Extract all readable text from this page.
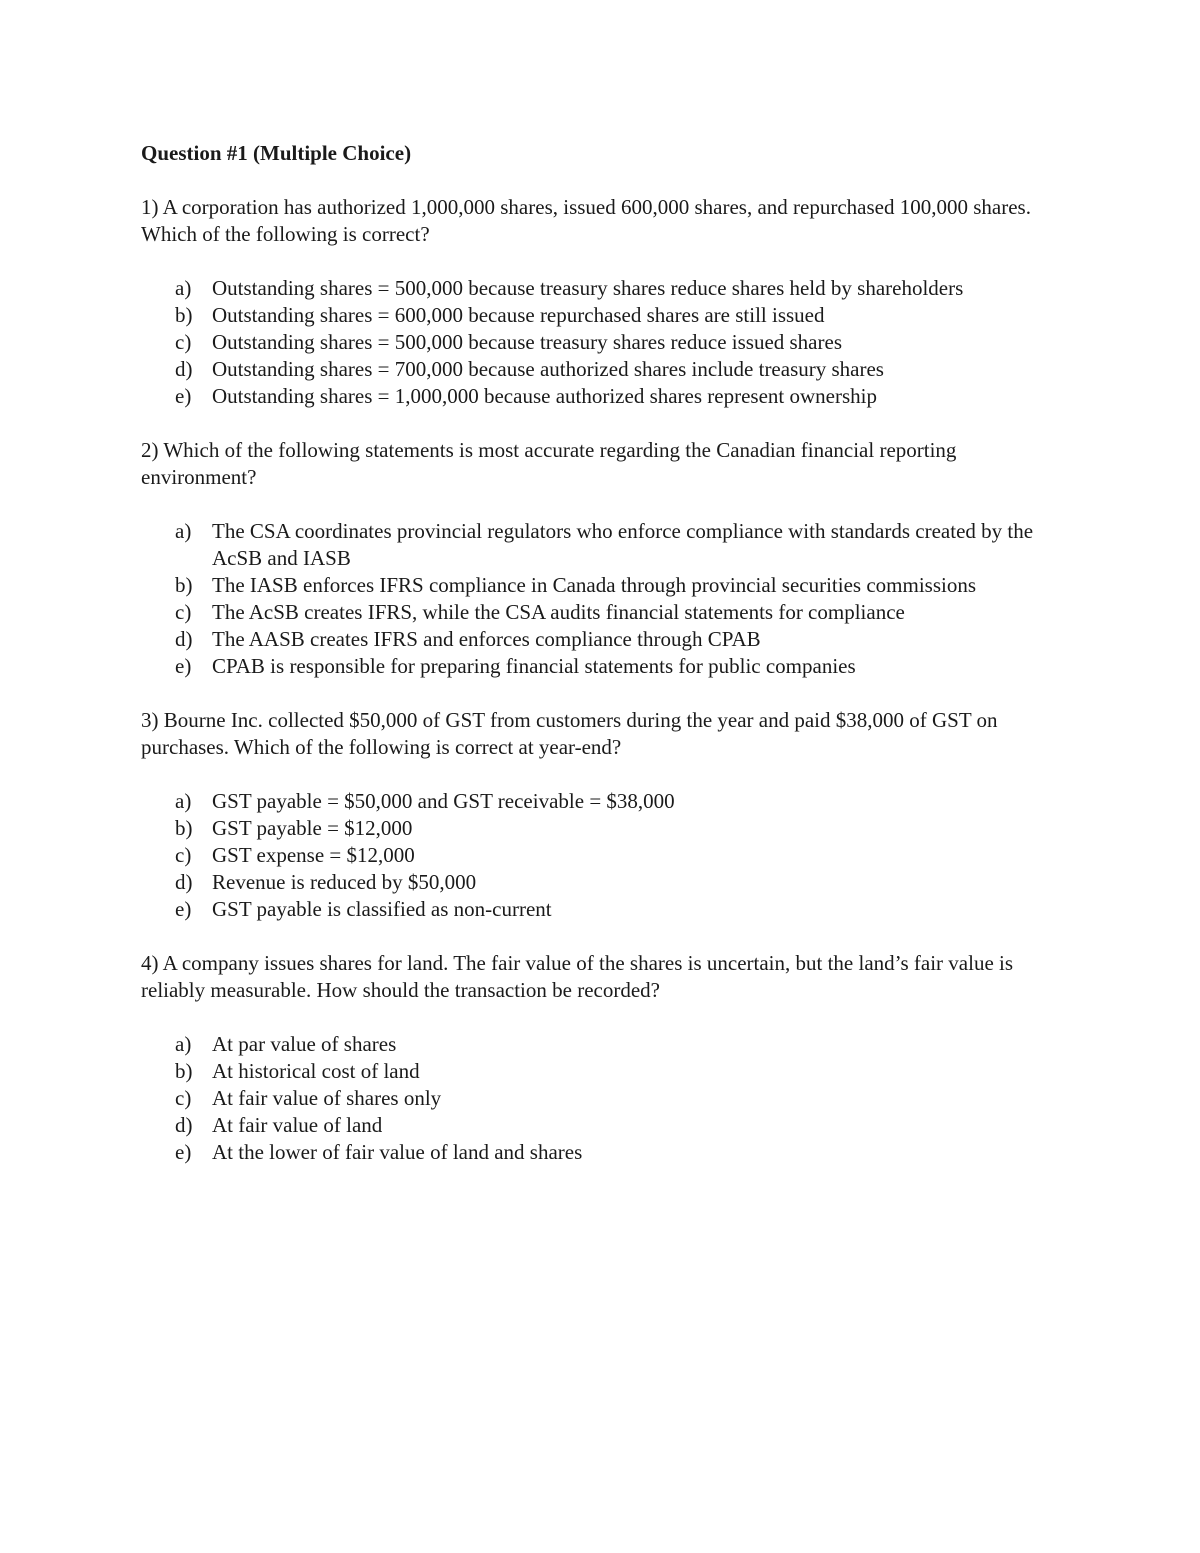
Question #1 (Multiple Choice)
1) A corporation has authorized 1,000,000 shares, issued 600,000 shares, and repurchased 100,000 shares. Which of the following is correct?
a) Outstanding shares = 500,000 because treasury shares reduce shares held by shareholders
b) Outstanding shares = 600,000 because repurchased shares are still issued
c) Outstanding shares = 500,000 because treasury shares reduce issued shares
d) Outstanding shares = 700,000 because authorized shares include treasury shares
e) Outstanding shares = 1,000,000 because authorized shares represent ownership
2) Which of the following statements is most accurate regarding the Canadian financial reporting environment?
a) The CSA coordinates provincial regulators who enforce compliance with standards created by the AcSB and IASB
b) The IASB enforces IFRS compliance in Canada through provincial securities commissions
c) The AcSB creates IFRS, while the CSA audits financial statements for compliance
d) The AASB creates IFRS and enforces compliance through CPAB
e) CPAB is responsible for preparing financial statements for public companies
3) Bourne Inc. collected $50,000 of GST from customers during the year and paid $38,000 of GST on purchases. Which of the following is correct at year-end?
a) GST payable = $50,000 and GST receivable = $38,000
b) GST payable = $12,000
c) GST expense = $12,000
d) Revenue is reduced by $50,000
e) GST payable is classified as non-current
4) A company issues shares for land. The fair value of the shares is uncertain, but the land’s fair value is reliably measurable. How should the transaction be recorded?
a) At par value of shares
b) At historical cost of land
c) At fair value of shares only
d) At fair value of land
e) At the lower of fair value of land and shares
